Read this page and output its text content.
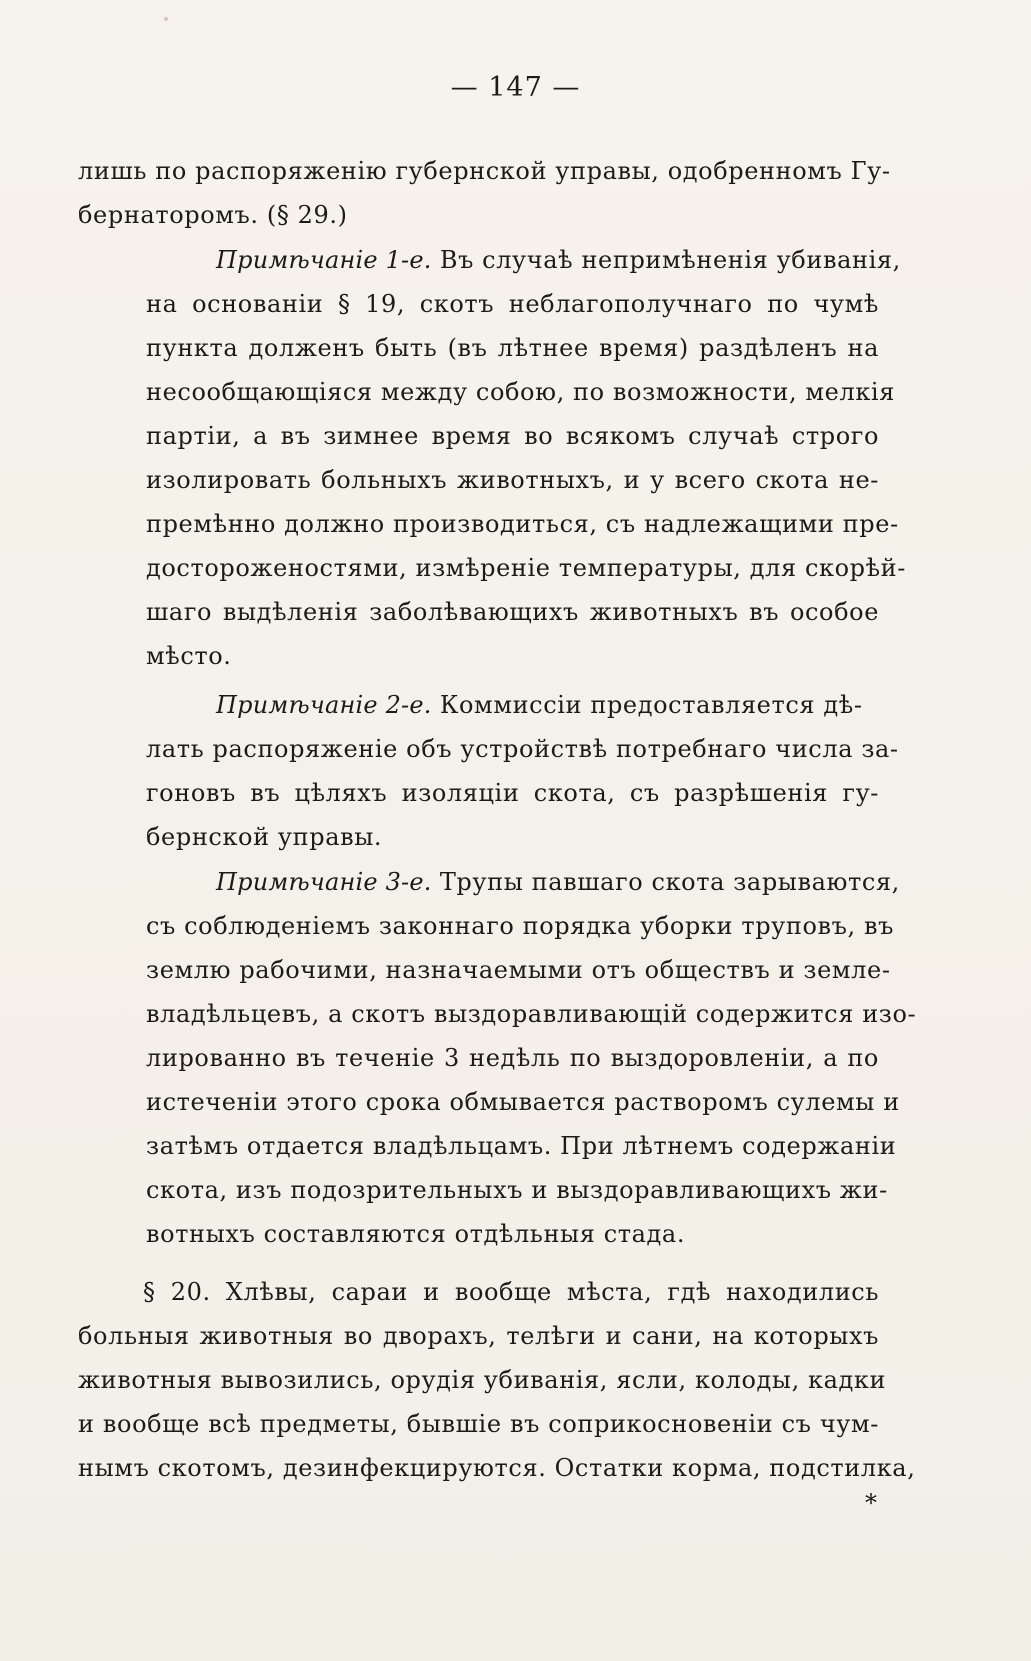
— 147 —
лишь по распоряженію губернской управы, одобренномъ Гу-
бернаторомъ. (§ 29.)
Примѣчаніе 1-е. Въ случаѣ непримѣненія убиванія,
на основаніи § 19, скотъ неблагополучнаго по чумѣ
пункта долженъ быть (въ лѣтнее время) раздѣленъ на
несообщающіяся между собою, по возможности, мелкія
партіи, а въ зимнее время во всякомъ случаѣ строго
изолировать больныхъ животныхъ, и у всего скота не-
премѣнно должно производиться, съ надлежащими пре-
достороженостями, измѣреніе температуры, для скорѣй-
шаго выдѣленія заболѣвающихъ животныхъ въ особое
мѣсто.
Примѣчаніе 2-е. Коммиссіи предоставляется дѣ-
лать распоряженіе объ устройствѣ потребнаго числа за-
гоновъ въ цѣляхъ изоляціи скота, съ разрѣшенія гу-
бернской управы.
Примѣчаніе 3-е. Трупы павшаго скота зарываются,
съ соблюденіемъ законнаго порядка уборки труповъ, въ
землю рабочими, назначаемыми отъ обществъ и земле-
владѣльцевъ, а скотъ выздоравливающій содержится изо-
лированно въ теченіе 3 недѣль по выздоровленіи, а по
истеченіи этого срока обмывается растворомъ сулемы и
затѣмъ отдается владѣльцамъ. При лѣтнемъ содержаніи
скота, изъ подозрительныхъ и выздоравливающихъ жи-
вотныхъ составляются отдѣльныя стада.
§ 20. Хлѣвы, сараи и вообще мѣста, гдѣ находились
больныя животныя во дворахъ, телѣги и сани, на которыхъ
животныя вывозились, орудія убиванія, ясли, колоды, кадки
и вообще всѣ предметы, бывшіе въ соприкосновеніи съ чум-
нымъ скотомъ, дезинфекцируются. Остатки корма, подстилка,
*
